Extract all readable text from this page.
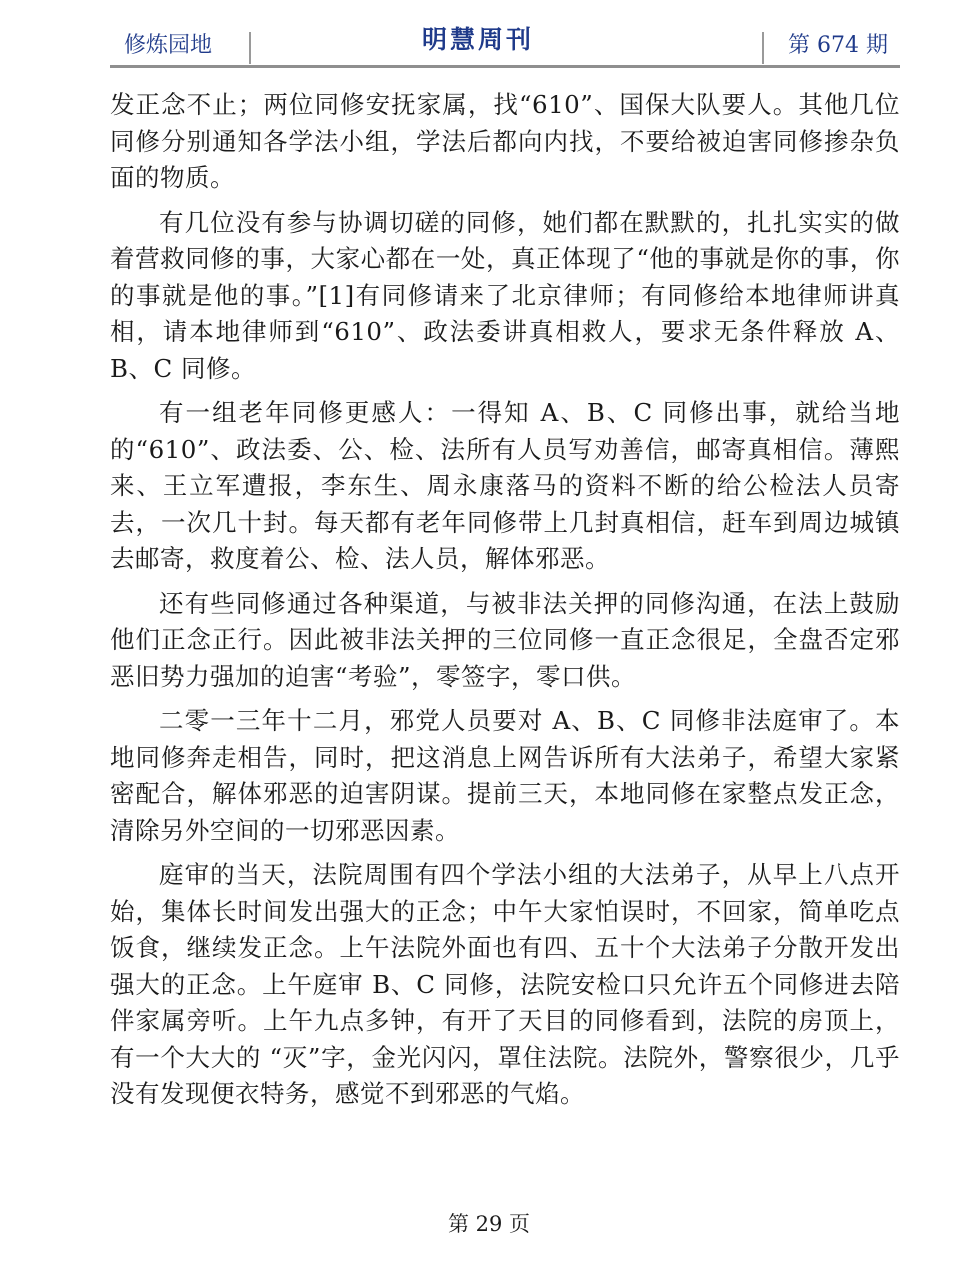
修炼园地	明慧周刊	第 674 期

发正念不止；两位同修安抚家属，找“610”、国保大队要人。其他几位同修分别通知各学法小组，学法后都向内找，不要给被迫害同修掺杂负面的物质。

有几位没有参与协调切磋的同修，她们都在默默的，扎扎实实的做着营救同修的事，大家心都在一处，真正体现了“他的事就是你的事，你的事就是他的事。”[1]有同修请来了北京律师；有同修给本地律师讲真相，请本地律师到“610”、政法委讲真相救人，要求无条件释放 A、B、C 同修。

有一组老年同修更感人：一得知 A、B、C 同修出事，就给当地的“610”、政法委、公、检、法所有人员写劝善信，邮寄真相信。薄熙来、王立军遭报，李东生、周永康落马的资料不断的给公检法人员寄去，一次几十封。每天都有老年同修带上几封真相信，赶车到周边城镇去邮寄，救度着公、检、法人员，解体邪恶。

还有些同修通过各种渠道，与被非法关押的同修沟通，在法上鼓励他们正念正行。因此被非法关押的三位同修一直正念很足，全盘否定邪恶旧势力强加的迫害“考验”，零签字，零口供。

二零一三年十二月，邪党人员要对 A、B、C 同修非法庭审了。本地同修奔走相告，同时，把这消息上网告诉所有大法弟子，希望大家紧密配合，解体邪恶的迫害阴谋。提前三天，本地同修在家整点发正念，清除另外空间的一切邪恶因素。

庭审的当天，法院周围有四个学法小组的大法弟子，从早上八点开始，集体长时间发出强大的正念；中午大家怕误时，不回家，简单吃点饭食，继续发正念。上午法院外面也有四、五十个大法弟子分散开发出强大的正念。上午庭审 B、C 同修，法院安检口只允许五个同修进去陪伴家属旁听。上午九点多钟，有开了天目的同修看到，法院的房顶上，有一个大大的 “灭”字，金光闪闪，罩住法院。法院外，警察很少，几乎没有发现便衣特务，感觉不到邪恶的气焰。

第 29 页
